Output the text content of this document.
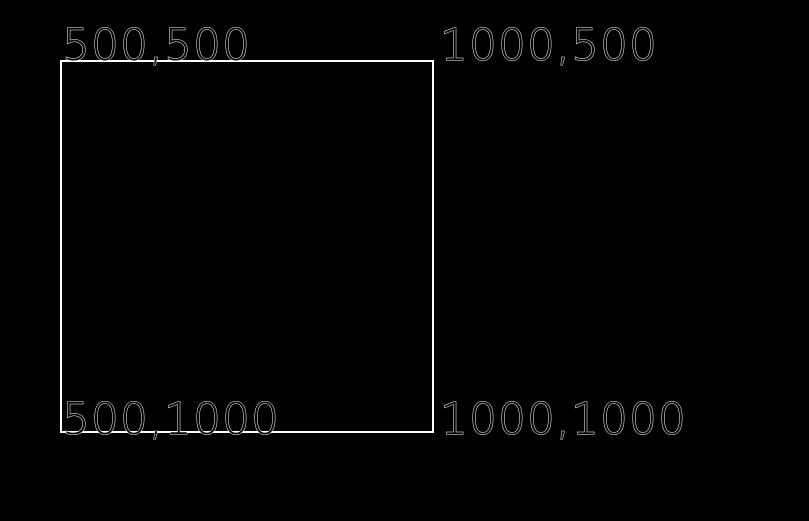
500,500	1000,500
500,1000	1000,1000
